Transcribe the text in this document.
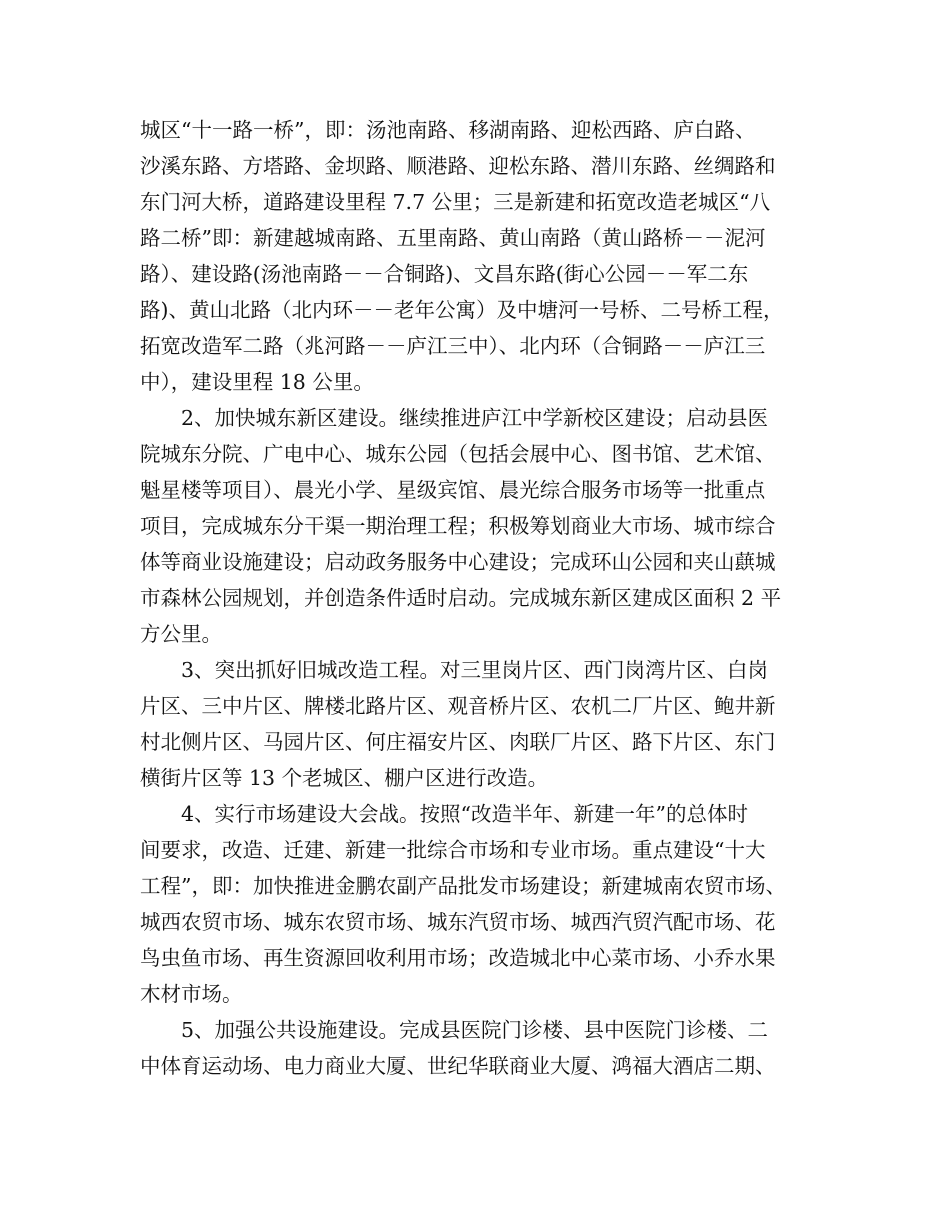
城区“十一路一桥”，即：汤池南路、移湖南路、迎松西路、庐白路、
沙溪东路、方塔路、金坝路、顺港路、迎松东路、潜川东路、丝绸路和
东门河大桥，道路建设里程 7.7 公里；三是新建和拓宽改造老城区“八
路二桥”即：新建越城南路、五里南路、黄山南路（黄山路桥－－泥河
路）、建设路(汤池南路－－合铜路)、文昌东路(街心公园－－军二东
路)、黄山北路（北内环－－老年公寓）及中塘河一号桥、二号桥工程，
拓宽改造军二路（兆河路－－庐江三中）、北内环（合铜路－－庐江三
中），建设里程 18 公里。
2、加快城东新区建设。继续推进庐江中学新校区建设；启动县医
院城东分院、广电中心、城东公园（包括会展中心、图书馆、艺术馆、
魁星楼等项目）、晨光小学、星级宾馆、晨光综合服务市场等一批重点
项目，完成城东分干渠一期治理工程；积极筹划商业大市场、城市综合
体等商业设施建设；启动政务服务中心建设；完成环山公园和夹山蕻城
市森林公园规划，并创造条件适时启动。完成城东新区建成区面积 2 平
方公里。
3、突出抓好旧城改造工程。对三里岗片区、西门岗湾片区、白岗
片区、三中片区、牌楼北路片区、观音桥片区、农机二厂片区、鲍井新
村北侧片区、马园片区、何庄福安片区、肉联厂片区、路下片区、东门
横街片区等 13 个老城区、棚户区进行改造。
4、实行市场建设大会战。按照“改造半年、新建一年”的总体时
间要求，改造、迁建、新建一批综合市场和专业市场。重点建设“十大
工程”，即：加快推进金鹏农副产品批发市场建设；新建城南农贸市场、
城西农贸市场、城东农贸市场、城东汽贸市场、城西汽贸汽配市场、花
鸟虫鱼市场、再生资源回收利用市场；改造城北中心菜市场、小乔水果
木材市场。
5、加强公共设施建设。完成县医院门诊楼、县中医院门诊楼、二
中体育运动场、电力商业大厦、世纪华联商业大厦、鸿福大酒店二期、
